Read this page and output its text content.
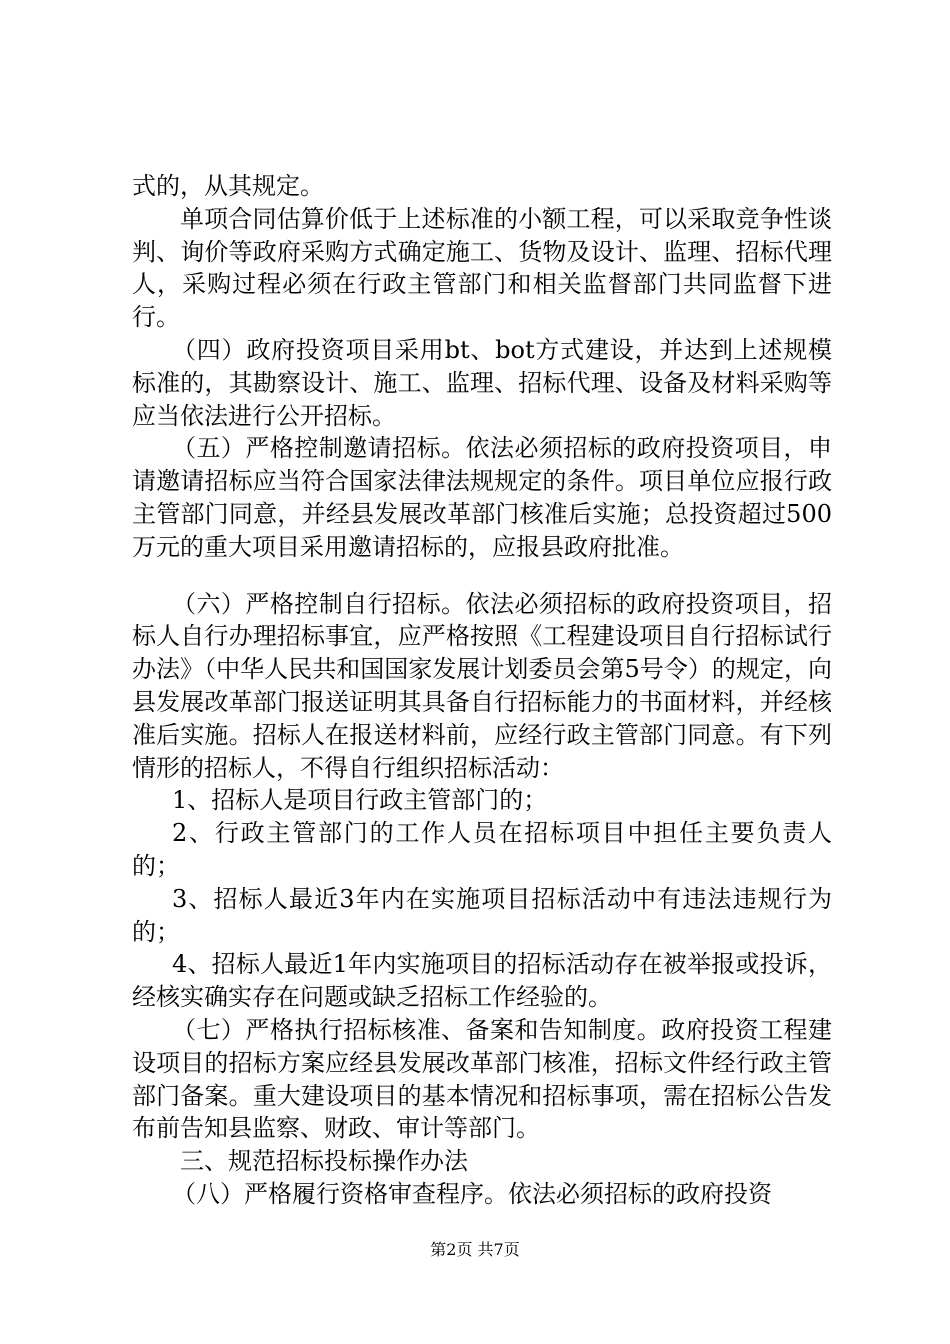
式的，从其规定。

单项合同估算价低于上述标准的小额工程，可以采取竞争性谈判、询价等政府采购方式确定施工、货物及设计、监理、招标代理人，采购过程必须在行政主管部门和相关监督部门共同监督下进行。

（四）政府投资项目采用bt、bot方式建设，并达到上述规模标准的，其勘察设计、施工、监理、招标代理、设备及材料采购等应当依法进行公开招标。

（五）严格控制邀请招标。依法必须招标的政府投资项目，申请邀请招标应当符合国家法律法规规定的条件。项目单位应报行政主管部门同意，并经县发展改革部门核准后实施；总投资超过500万元的重大项目采用邀请招标的，应报县政府批准。

（六）严格控制自行招标。依法必须招标的政府投资项目，招标人自行办理招标事宜，应严格按照《工程建设项目自行招标试行办法》（中华人民共和国国家发展计划委员会第5号令）的规定，向县发展改革部门报送证明其具备自行招标能力的书面材料，并经核准后实施。招标人在报送材料前，应经行政主管部门同意。有下列情形的招标人，不得自行组织招标活动：

1、招标人是项目行政主管部门的；

2、行政主管部门的工作人员在招标项目中担任主要负责人的；

3、招标人最近3年内在实施项目招标活动中有违法违规行为的；

4、招标人最近1年内实施项目的招标活动存在被举报或投诉，经核实确实存在问题或缺乏招标工作经验的。

（七）严格执行招标核准、备案和告知制度。政府投资工程建设项目的招标方案应经县发展改革部门核准，招标文件经行政主管部门备案。重大建设项目的基本情况和招标事项，需在招标公告发布前告知县监察、财政、审计等部门。

三、规范招标投标操作办法

（八）严格履行资格审查程序。依法必须招标的政府投资

第2页 共7页
